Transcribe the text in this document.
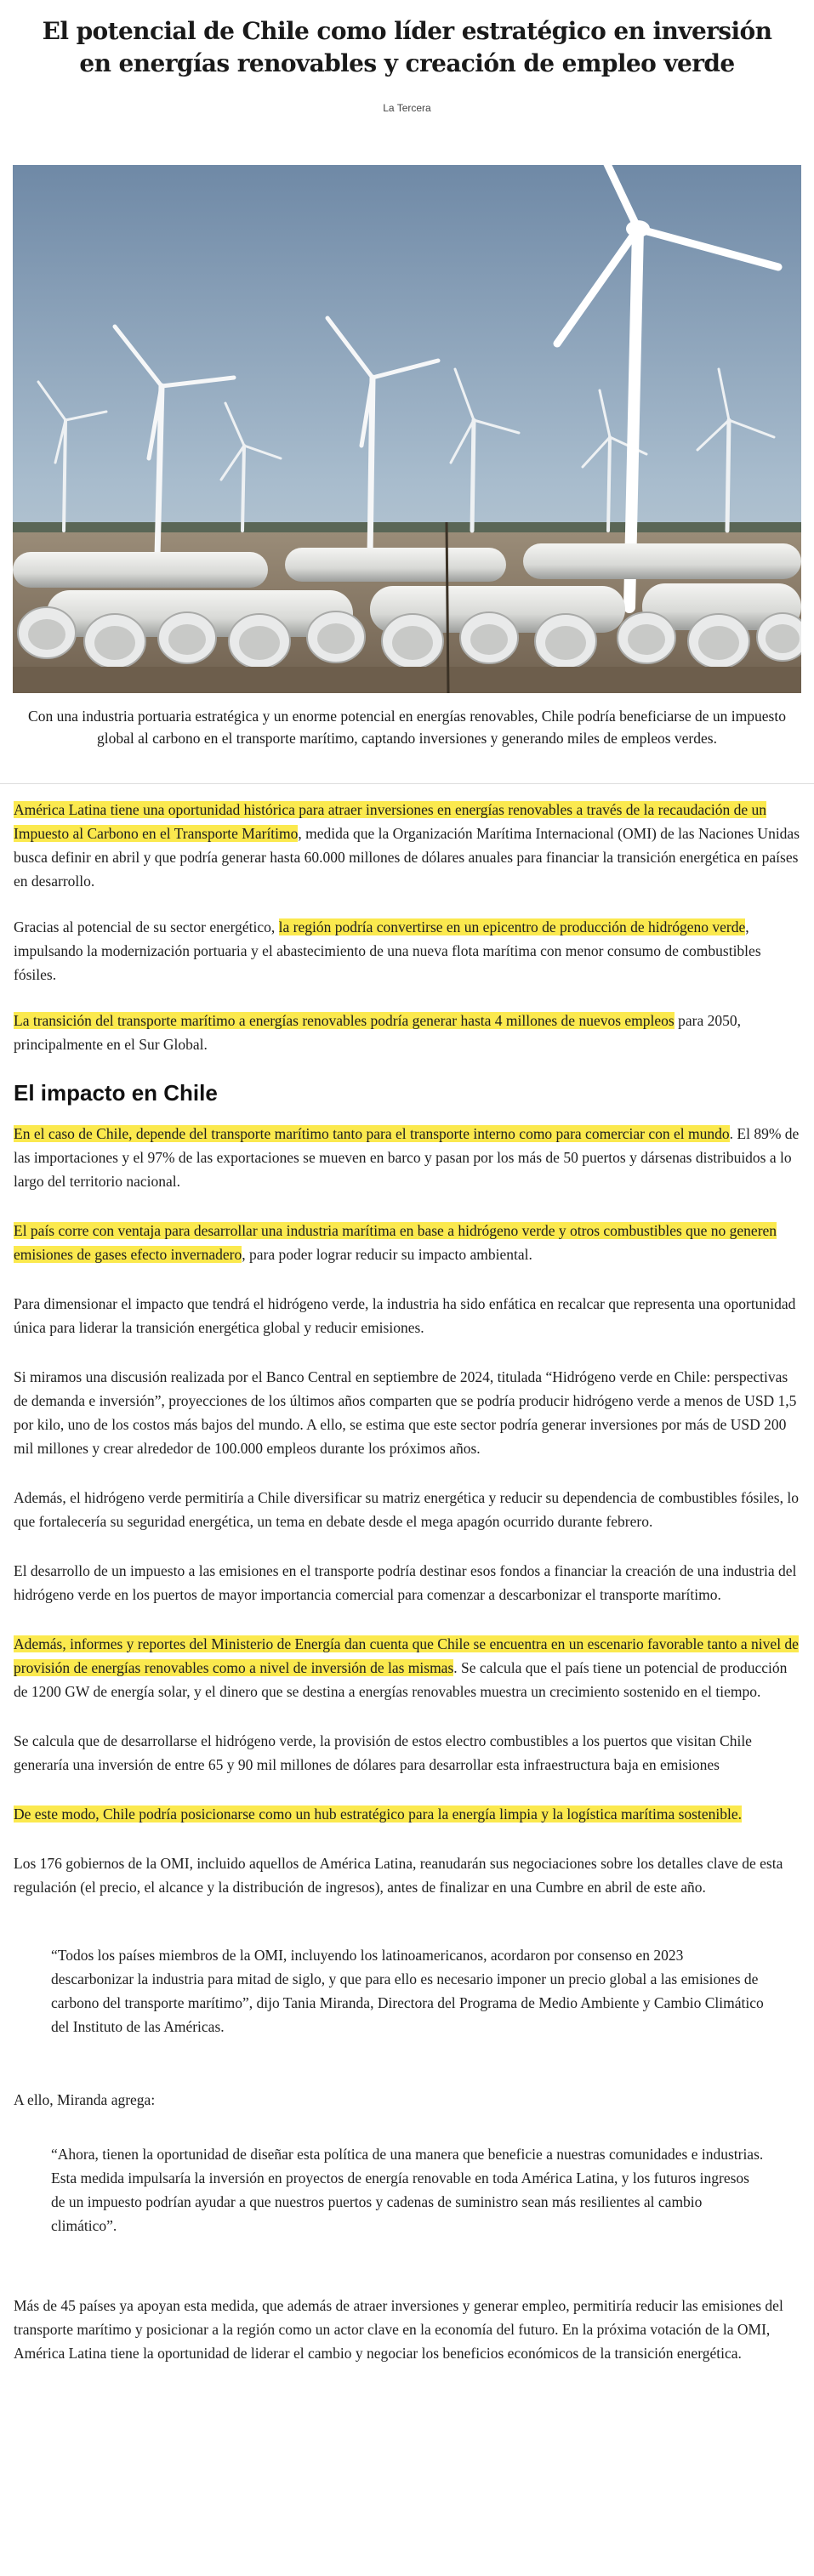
El potencial de Chile como líder estratégico en inversión en energías renovables y creación de empleo verde
La Tercera
Con una industria portuaria estratégica y un enorme potencial en energías renovables, Chile podría beneficiarse de un impuesto global al carbono en el transporte marítimo, captando inversiones y generando miles de empleos verdes.

América Latina tiene una oportunidad histórica para atraer inversiones en energías renovables a través de la recaudación de un Impuesto al Carbono en el Transporte Marítimo, medida que la Organización Marítima Internacional (OMI) de las Naciones Unidas busca definir en abril y que podría generar hasta 60.000 millones de dólares anuales para financiar la transición energética en países en desarrollo.

Gracias al potencial de su sector energético, la región podría convertirse en un epicentro de producción de hidrógeno verde, impulsando la modernización portuaria y el abastecimiento de una nueva flota marítima con menor consumo de combustibles fósiles.

La transición del transporte marítimo a energías renovables podría generar hasta 4 millones de nuevos empleos para 2050, principalmente en el Sur Global.

El impacto en Chile

En el caso de Chile, depende del transporte marítimo tanto para el transporte interno como para comerciar con el mundo. El 89% de las importaciones y el 97% de las exportaciones se mueven en barco y pasan por los más de 50 puertos y dársenas distribuidos a lo largo del territorio nacional.

El país corre con ventaja para desarrollar una industria marítima en base a hidrógeno verde y otros combustibles que no generen emisiones de gases efecto invernadero, para poder lograr reducir su impacto ambiental.

Para dimensionar el impacto que tendrá el hidrógeno verde, la industria ha sido enfática en recalcar que representa una oportunidad única para liderar la transición energética global y reducir emisiones.

Si miramos una discusión realizada por el Banco Central en septiembre de 2024, titulada “Hidrógeno verde en Chile: perspectivas de demanda e inversión”, proyecciones de los últimos años comparten que se podría producir hidrógeno verde a menos de USD 1,5 por kilo, uno de los costos más bajos del mundo. A ello, se estima que este sector podría generar inversiones por más de USD 200 mil millones y crear alrededor de 100.000 empleos durante los próximos años.

Además, el hidrógeno verde permitiría a Chile diversificar su matriz energética y reducir su dependencia de combustibles fósiles, lo que fortalecería su seguridad energética, un tema en debate desde el mega apagón ocurrido durante febrero.

El desarrollo de un impuesto a las emisiones en el transporte podría destinar esos fondos a financiar la creación de una industria del hidrógeno verde en los puertos de mayor importancia comercial para comenzar a descarbonizar el transporte marítimo.

Además, informes y reportes del Ministerio de Energía dan cuenta que Chile se encuentra en un escenario favorable tanto a nivel de provisión de energías renovables como a nivel de inversión de las mismas. Se calcula que el país tiene un potencial de producción de 1200 GW de energía solar, y el dinero que se destina a energías renovables muestra un crecimiento sostenido en el tiempo.

Se calcula que de desarrollarse el hidrógeno verde, la provisión de estos electro combustibles a los puertos que visitan Chile generaría una inversión de entre 65 y 90 mil millones de dólares para desarrollar esta infraestructura baja en emisiones

De este modo, Chile podría posicionarse como un hub estratégico para la energía limpia y la logística marítima sostenible.

Los 176 gobiernos de la OMI, incluido aquellos de América Latina, reanudarán sus negociaciones sobre los detalles clave de esta regulación (el precio, el alcance y la distribución de ingresos), antes de finalizar en una Cumbre en abril de este año.

“Todos los países miembros de la OMI, incluyendo los latinoamericanos, acordaron por consenso en 2023 descarbonizar la industria para mitad de siglo, y que para ello es necesario imponer un precio global a las emisiones de carbono del transporte marítimo”, dijo Tania Miranda, Directora del Programa de Medio Ambiente y Cambio Climático del Instituto de las Américas.

A ello, Miranda agrega:

“Ahora, tienen la oportunidad de diseñar esta política de una manera que beneficie a nuestras comunidades e industrias. Esta medida impulsaría la inversión en proyectos de energía renovable en toda América Latina, y los futuros ingresos de un impuesto podrían ayudar a que nuestros puertos y cadenas de suministro sean más resilientes al cambio climático”.

Más de 45 países ya apoyan esta medida, que además de atraer inversiones y generar empleo, permitiría reducir las emisiones del transporte marítimo y posicionar a la región como un actor clave en la economía del futuro. En la próxima votación de la OMI, América Latina tiene la oportunidad de liderar el cambio y negociar los beneficios económicos de la transición energética.
